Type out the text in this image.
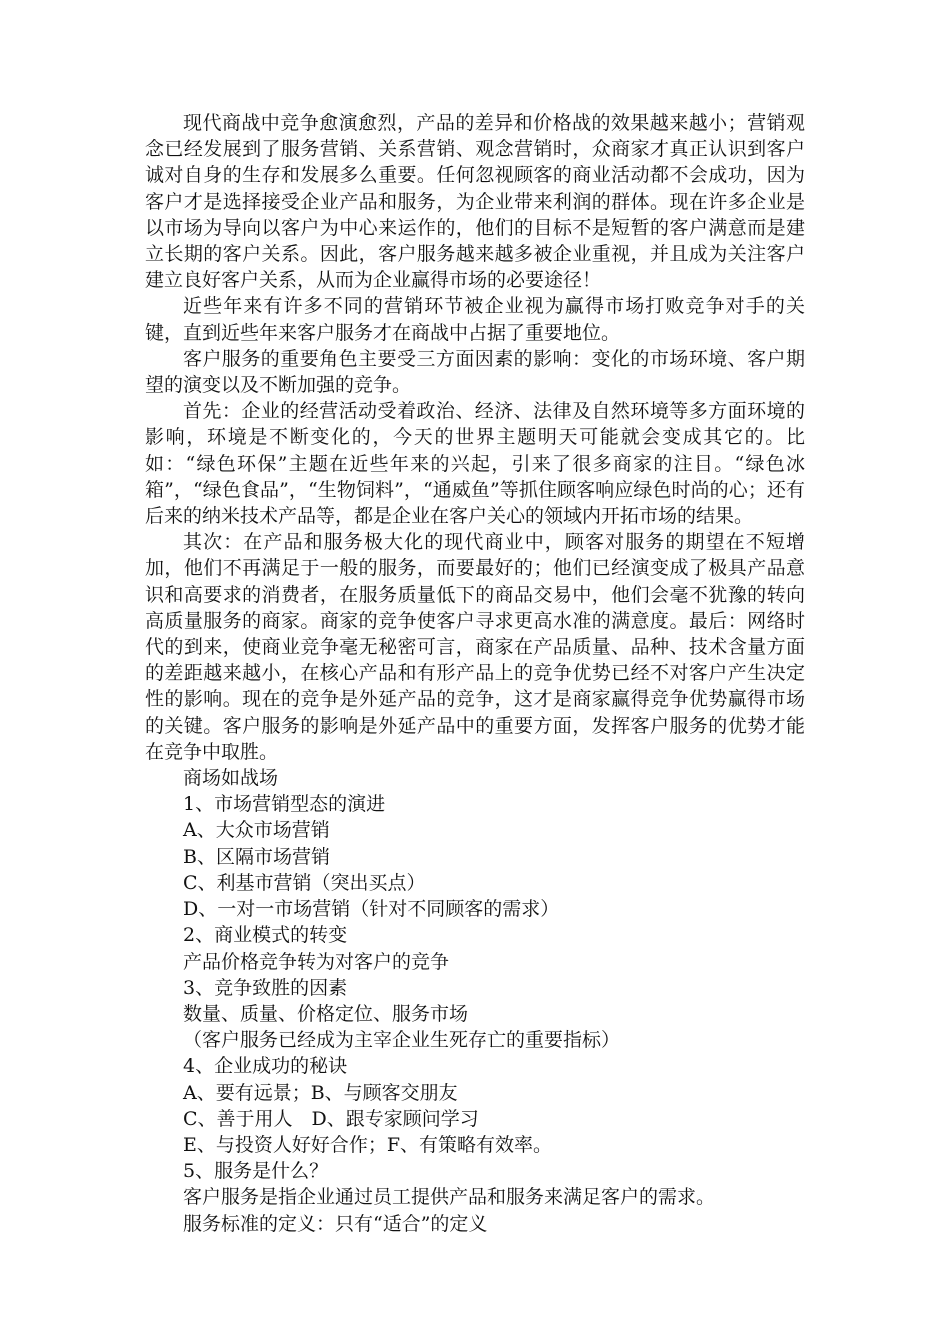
现代商战中竞争愈演愈烈，产品的差异和价格战的效果越来越小；营销观念已经发展到了服务营销、关系营销、观念营销时，众商家才真正认识到客户诚对自身的生存和发展多么重要。任何忽视顾客的商业活动都不会成功，因为客户才是选择接受企业产品和服务，为企业带来利润的群体。现在许多企业是以市场为导向以客户为中心来运作的，他们的目标不是短暂的客户满意而是建立长期的客户关系。因此，客户服务越来越多被企业重视，并且成为关注客户建立良好客户关系，从而为企业赢得市场的必要途径！

近些年来有许多不同的营销环节被企业视为赢得市场打败竞争对手的关键，直到近些年来客户服务才在商战中占据了重要地位。

客户服务的重要角色主要受三方面因素的影响：变化的市场环境、客户期望的演变以及不断加强的竞争。

首先：企业的经营活动受着政治、经济、法律及自然环境等多方面环境的影响，环境是不断变化的，今天的世界主题明天可能就会变成其它的。比如：“绿色环保”主题在近些年来的兴起，引来了很多商家的注目。“绿色冰箱”，“绿色食品”，“生物饲料”，“通威鱼”等抓住顾客响应绿色时尚的心；还有后来的纳米技术产品等，都是企业在客户关心的领域内开拓市场的结果。

其次：在产品和服务极大化的现代商业中，顾客对服务的期望在不短增加，他们不再满足于一般的服务，而要最好的；他们已经演变成了极具产品意识和高要求的消费者，在服务质量低下的商品交易中，他们会毫不犹豫的转向高质量服务的商家。商家的竞争使客户寻求更高水准的满意度。最后：网络时代的到来，使商业竞争毫无秘密可言，商家在产品质量、品种、技术含量方面的差距越来越小，在核心产品和有形产品上的竞争优势已经不对客户产生决定性的影响。现在的竞争是外延产品的竞争，这才是商家赢得竞争优势赢得市场的关键。客户服务的影响是外延产品中的重要方面，发挥客户服务的优势才能在竞争中取胜。

商场如战场

1、市场营销型态的演进

A、大众市场营销

B、区隔市场营销

C、利基市营销（突出买点）

D、一对一市场营销（针对不同顾客的需求）

2、商业模式的转变

产品价格竞争转为对客户的竞争

3、竞争致胜的因素

数量、质量、价格定位、服务市场

（客户服务已经成为主宰企业生死存亡的重要指标）

4、企业成功的秘诀

A、要有远景；B、与顾客交朋友

C、善于用人　D、跟专家顾问学习

E、与投资人好好合作；F、有策略有效率。

5、服务是什么？

客户服务是指企业通过员工提供产品和服务来满足客户的需求。

服务标准的定义：只有“适合”的定义
